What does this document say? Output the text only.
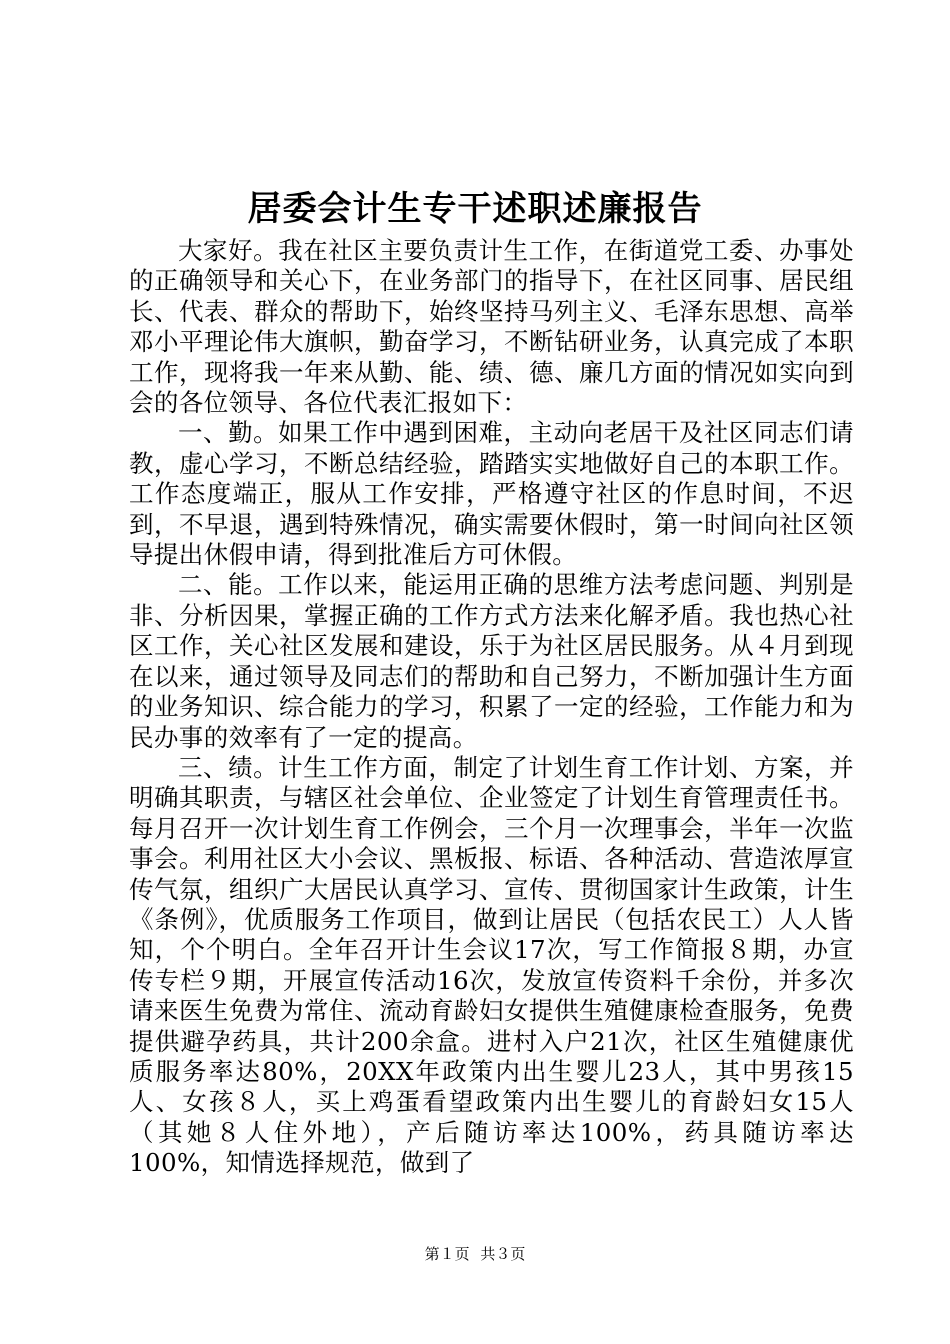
居委会计生专干述职述廉报告

大家好。我在社区主要负责计生工作，在街道党工委、办事处的正确领导和关心下，在业务部门的指导下，在社区同事、居民组长、代表、群众的帮助下，始终坚持马列主义、毛泽东思想、高举邓小平理论伟大旗帜，勤奋学习，不断钻研业务，认真完成了本职工作，现将我一年来从勤、能、绩、德、廉几方面的情况如实向到会的各位领导、各位代表汇报如下：

一、勤。如果工作中遇到困难，主动向老居干及社区同志们请教，虚心学习，不断总结经验，踏踏实实地做好自己的本职工作。工作态度端正，服从工作安排，严格遵守社区的作息时间，不迟到，不早退，遇到特殊情况，确实需要休假时，第一时间向社区领导提出休假申请，得到批准后方可休假。

二、能。工作以来，能运用正确的思维方法考虑问题、判别是非、分析因果，掌握正确的工作方式方法来化解矛盾。我也热心社区工作，关心社区发展和建设，乐于为社区居民服务。从４月到现在以来，通过领导及同志们的帮助和自己努力，不断加强计生方面的业务知识、综合能力的学习，积累了一定的经验，工作能力和为民办事的效率有了一定的提高。

三、绩。计生工作方面，制定了计划生育工作计划、方案，并明确其职责，与辖区社会单位、企业签定了计划生育管理责任书。每月召开一次计划生育工作例会，三个月一次理事会，半年一次监事会。利用社区大小会议、黑板报、标语、各种活动、营造浓厚宣传气氛，组织广大居民认真学习、宣传、贯彻国家计生政策，计生《条例》，优质服务工作项目，做到让居民（包括农民工）人人皆知，个个明白。全年召开计生会议17次，写工作简报８期，办宣传专栏９期，开展宣传活动16次，发放宣传资料千余份，并多次请来医生免费为常住、流动育龄妇女提供生殖健康检查服务，免费提供避孕药具，共计200余盒。进村入户21次，社区生殖健康优质服务率达80%，20XX年政策内出生婴儿23人，其中男孩15人、女孩８人，买上鸡蛋看望政策内出生婴儿的育龄妇女15人（其她８人住外地），产后随访率达100%，药具随访率达100%，知情选择规范，做到了

第１页 共３页
